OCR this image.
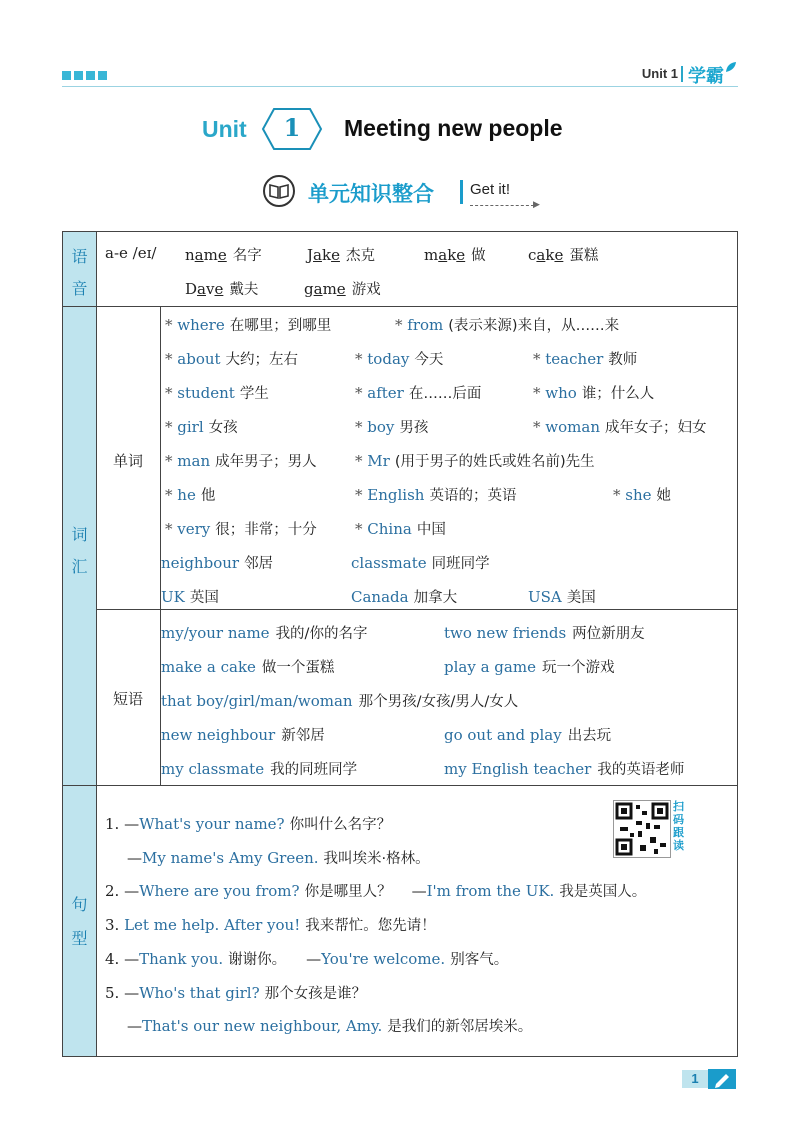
Unit 1 学霸
Unit	1	Meeting new people
单元知识整合 Get it!
▶
语
音
词
汇
句
型
单词
短语
a-e /eɪ/ name 名字	Jake 杰克	make 做	cake 蛋糕
Dave 戴夫	game 游戏
* where 在哪里；到哪里	* from (表示来源)来自，从……来
* about 大约；左右	* today 今天	* teacher 教师
* student 学生	* after 在……后面	* who 谁；什么人
* girl 女孩	* boy 男孩	* woman 成年女子；妇女
* man 成年男子；男人	* Mr (用于男子的姓氏或姓名前)先生
* he 他	* English 英语的；英语	* she 她
* very 很；非常；十分	* China 中国
neighbour 邻居	classmate 同班同学
UK 英国	Canada 加拿大	USA 美国
my/your name 我的/你的名字	two new friends 两位新朋友
make a cake 做一个蛋糕	play a game 玩一个游戏
that boy/girl/man/woman 那个男孩/女孩/男人/女人
new neighbour 新邻居	go out and play 出去玩
my classmate 我的同班同学	my English teacher 我的英语老师
1. —What's your name? 你叫什么名字？
—My name's Amy Green. 我叫埃米·格林。
2. —Where are you from? 你是哪里人？ —I'm from the UK. 我是英国人。
3. Let me help. After you! 我来帮忙。您先请！
4. —Thank you. 谢谢你。 —You're welcome. 别客气。
5. —Who's that girl? 那个女孩是谁？
—That's our new neighbour, Amy. 是我们的新邻居埃米。
扫码跟读
1
